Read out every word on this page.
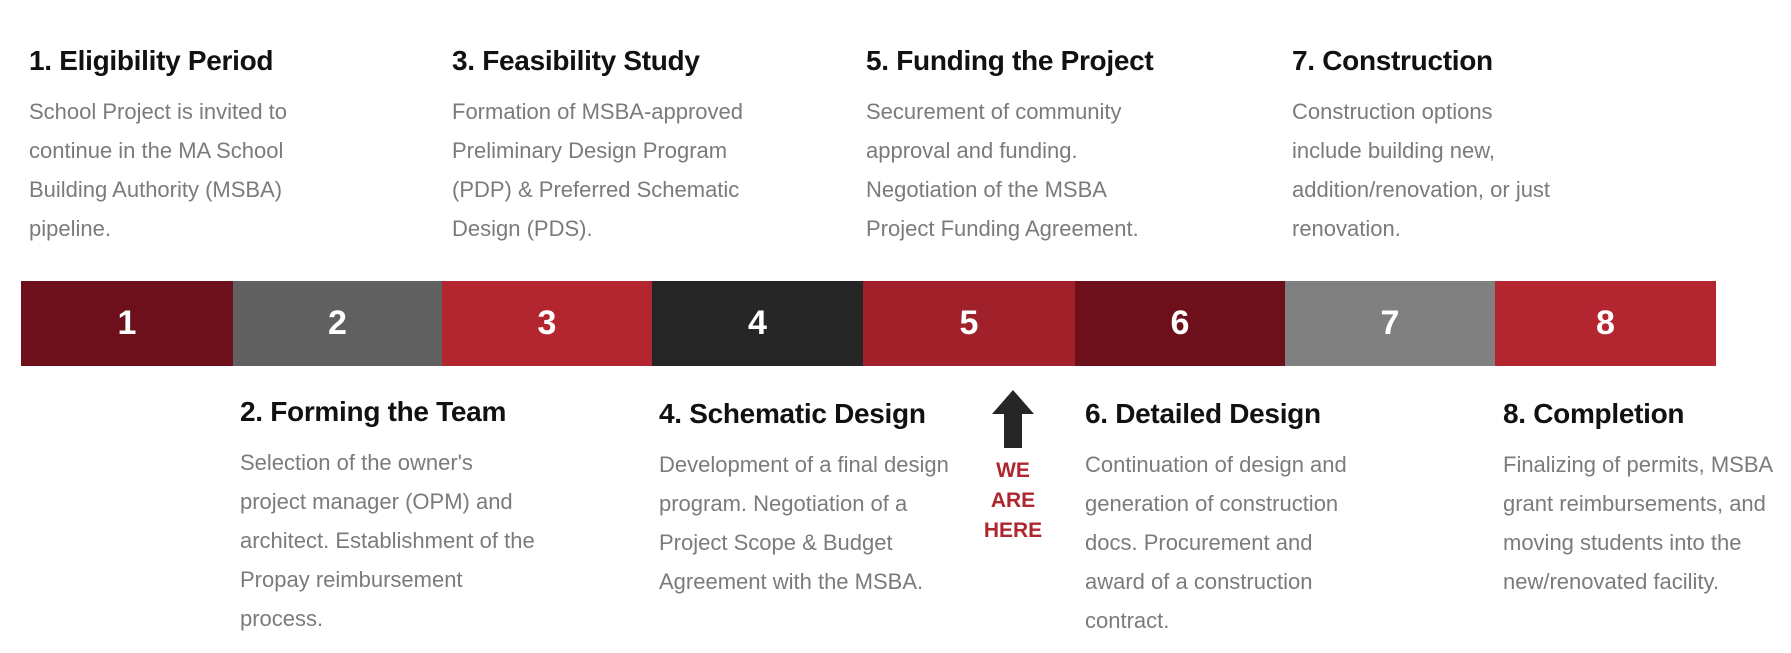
1. Eligibility Period

School Project is invited to continue in the MA School Building Authority (MSBA) pipeline.

3. Feasibility Study

Formation of MSBA-approved Preliminary Design Program (PDP) & Preferred Schematic Design (PDS).

5. Funding the Project

Securement of community approval and funding. Negotiation of the MSBA Project Funding Agreement.

7. Construction

Construction options include building new, addition/renovation, or just renovation.

1	2	3	4	5	6	7	8
2. Forming the Team

Selection of the owner's project manager (OPM) and architect. Establishment of the Propay reimbursement process.

4. Schematic Design

Development of a final design program. Negotiation of a Project Scope & Budget Agreement with the MSBA.

6. Detailed Design

Continuation of design and generation of construction docs. Procurement and award of a construction contract.

8. Completion

Finalizing of permits, MSBA grant reimbursements, and moving students into the new/renovated facility.

WE
ARE
HERE
